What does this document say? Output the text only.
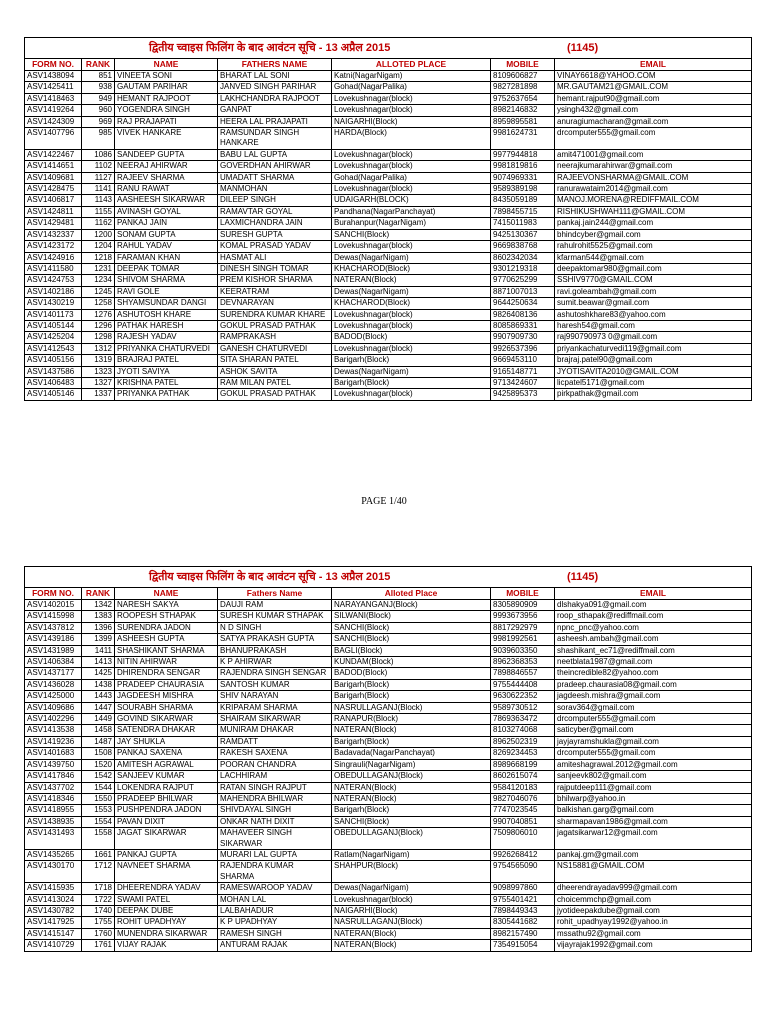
द्वितीय च्वाइस फिलिंग के बाद आवंटन सूचि - 13 अप्रैल 2015 (1145)						

FORM NO.	RANK	NAME	FATHERS NAME	ALLOTED PLACE	MOBILE	EMAIL
ASV1438094	851	VINEETA SONI	BHARAT LAL SONI	Katni(NagarNigam)	8109606827	VINAY6618@YAHOO.COM
ASV1425411	938	GAUTAM PARIHAR	JANVED SINGH PARIHAR	Gohad(NagarPalika)	9827281898	MR.GAUTAM21@GMAIL.COM
ASV1418463	949	HEMANT RAJPOOT	LAKHCHANDRA RAJPOOT	Lovekushnagar(block)	9752637654	hemant.rajput90@gmail.com
ASV1419264	960	YOGENDRA SINGH	GANPAT	Lovekushnagar(block)	8982146832	ysingh432@gmail.com
ASV1424309	969	RAJ PRAJAPATI	HEERA LAL PRAJAPATI	NAIGARHI(Block)	8959895581	anuragiumacharan@gmail.com
ASV1407796	985	VIVEK HANKARE	RAMSUNDAR SINGH HANKARE	HARDA(Block)	9981624731	drcomputer555@gmail.com
ASV1422467	1086	SANDEEP GUPTA	BABU LAL GUPTA	Lovekushnagar(block)	9977944818	amit471001@gmail.com
ASV1414651	1102	NEERAJ AHIRWAR	GOVERDHAN AHIRWAR	Lovekushnagar(block)	9981819816	neerajkumarahirwar@gmail.com
ASV1409681	1127	RAJEEV SHARMA	UMADATT SHARMA	Gohad(NagarPalika)	9074969331	RAJEEVONSHARMA@GMAIL.COM
ASV1428475	1141	RANU RAWAT	MANMOHAN	Lovekushnagar(block)	9589389198	ranurawataim2014@gmail.com
ASV1406817	1143	AASHEESH SIKARWAR	DILEEP SINGH	UDAIGARH(BLOCK)	8435059189	MANOJ.MORENA@REDIFFMAIL.COM
ASV1424811	1155	AVINASH GOYAL	RAMAVTAR GOYAL	Pandhana(NagarPanchayat)	7898455715	RISHIKUSHWAH111@GMAIL.COM
ASV1429481	1162	PANKAJ JAIN	LAXMICHANDRA JAIN	Burahanpur(NagarNigam)	7415011983	pankaj.jain244@gmail.com
ASV1432337	1200	SONAM GUPTA	SURESH GUPTA	SANCHI(Block)	9425130367	bhindcyber@gmail.com
ASV1423172	1204	RAHUL YADAV	KOMAL PRASAD YADAV	Lovekushnagar(block)	9669838768	rahulrohit5525@gmail.com
ASV1424916	1218	FARAMAN KHAN	HASMAT ALI	Dewas(NagarNigam)	8602342034	kfarman544@gmail.com
ASV1411580	1231	DEEPAK TOMAR	DINESH SINGH TOMAR	KHACHAROD(Block)	9301219318	deepaktomar980@gmail.com
ASV1424753	1234	SHIVOM SHARMA	PREM KISHOR SHARMA	NATERAN(Block)	9770625299	SSHIV9770@GMAIL.COM
ASV1402186	1245	RAVI GOLE	KEERATRAM	Dewas(NagarNigam)	8871007013	ravi.goleambah@gmail.com
ASV1430219	1258	SHYAMSUNDAR DANGI	DEVNARAYAN	KHACHAROD(Block)	9644250634	sumit.beawar@gmail.com
ASV1401173	1276	ASHUTOSH KHARE	SURENDRA KUMAR KHARE	Lovekushnagar(block)	9826408136	ashutoshkhare83@yahoo.com
ASV1405144	1296	PATHAK HARESH	GOKUL PRASAD PATHAK	Lovekushnagar(block)	8085869331	haresh54@gmail.com
ASV1425204	1298	RAJESH YADAV	RAMPRAKASH	BADOD(Block)	9907909730	raj990790973 0@gmail.com
ASV1412543	1312	PRIYANKA CHATURVEDI	GANESH CHATURVEDI	Lovekushnagar(block)	9926537396	priyankachaturvedi119@gmail.com
ASV1405156	1319	BRAJRAJ PATEL	SITA SHARAN PATEL	Barigarh(Block)	9669453110	brajraj.patel90@gmail.com
ASV1437586	1323	JYOTI SAVIYA	ASHOK SAVITA	Dewas(NagarNigam)	9165148771	JYOTISAVITA2010@GMAIL.COM
ASV1406483	1327	KRISHNA PATEL	RAM MILAN PATEL	Barigarh(Block)	9713424607	licpatel5171@gmail.com
ASV1405146	1337	PRIYANKA PATHAK	GOKUL PRASAD PATHAK	Lovekushnagar(block)	9425895373	pirkpathak@gmail.com
PAGE 1/40
द्वितीय च्वाइस फिलिंग के बाद आवंटन सूचि - 13 अप्रैल 2015 (1145)						

FORM NO.	RANK	NAME	Fathers Name	Alloted Place	MOBILE	EMAIL
ASV1402015	1342	NARESH SAKYA	DAUJI RAM	NARAYANGANJ(Block)	8305890909	dlshakya091@gmail.com
ASV1415998	1383	ROOPESH STHAPAK	SURESH KUMAR STHAPAK	SILWANI(Block)	9993673956	roop_sthapak@rediffmail.com
ASV1437812	1396	SURENDRA JADON	N D SINGH	SANCHI(Block)	8817292979	npnc_pnc@yahoo.com
ASV1439186	1399	ASHEESH GUPTA	SATYA PRAKASH GUPTA	SANCHI(Block)	9981992561	asheesh.ambah@gmail.com
ASV1431989	1411	SHASHIKANT SHARMA	BHANUPRAKASH	BAGLI(Block)	9039603350	shashikant_ec71@rediffmail.com
ASV1406384	1413	NITIN AHIRWAR	K P AHIRWAR	KUNDAM(Block)	8962368353	neetblata1987@gmail.com
ASV1437177	1425	DHIRENDRA SENGAR	RAJENDRA SINGH SENGAR	BADOD(Block)	7898846557	theincredible82@yahoo.com
ASV1436028	1438	PRADEEP CHAURASIA	SANTOSH KUMAR	Barigarh(Block)	9755444408	pradeep.chaurasia08@gmail.com
ASV1425000	1443	JAGDEESH MISHRA	SHIV NARAYAN	Barigarh(Block)	9630622352	jagdeesh.mishra@gmail.com
ASV1409686	1447	SOURABH SHARMA	KRIPARAM SHARMA	NASRULLAGANJ(Block)	9589730512	sorav364@gmail.com
ASV1402296	1449	GOVIND SIKARWAR	SHAIRAM SIKARWAR	RANAPUR(Block)	7869363472	drcomputer555@gmail.com
ASV1413538	1458	SATENDRA DHAKAR	MUNIRAM DHAKAR	NATERAN(Block)	8103274068	saticyber@gmail.com
ASV1419236	1487	JAY SHUKLA	RAMDATT	Barigarh(Block)	8962502319	jayjayramshukla@gmail.com
ASV1401683	1508	PANKAJ SAXENA	RAKESH SAXENA	Badavada(NagarPanchayat)	8269234453	drcomputer555@gmail.com
ASV1439750	1520	AMITESH AGRAWAL	POORAN CHANDRA	Singrauli(NagarNigam)	8989668199	amiteshagrawal.2012@gmail.com
ASV1417846	1542	SANJEEV KUMAR	LACHHIRAM	OBEDULLAGANJ(Block)	8602615074	sanjeevk802@gmail.com
ASV1437702	1544	LOKENDRA RAJPUT	RATAN SINGH RAJPUT	NATERAN(Block)	9584120183	rajputdeep111@gmail.com
ASV1418346	1550	PRADEEP BHILWAR	MAHENDRA BHILWAR	NATERAN(Block)	9827046076	bhilwarp@yahoo.in
ASV1418955	1553	PUSHPENDRA JADON	SHIVDAYAL SINGH	Barigarh(Block)	7747023545	balkishan.garg@gmail.com
ASV1438935	1554	PAVAN DIXIT	ONKAR NATH DIXIT	SANCHI(Block)	9907040851	sharmapavan1986@gmail.com
ASV1431493	1558	JAGAT SIKARWAR	MAHAVEER SINGH SIKARWAR	OBEDULLAGANJ(Block)	7509806010	jagatsikarwar12@gmail.com
ASV1435265	1661	PANKAJ GUPTA	MURARI LAL GUPTA	Ratlam(NagarNigam)	9926268412	pankaj.gm@gmail.com
ASV1430170	1712	NAVNEET SHARMA	RAJENDRA KUMAR SHARMA	SHAHPUR(Block)	9754565090	NS15881@GMAIL.COM
ASV1415935	1718	DHEERENDRA YADAV	RAMESWAROOP YADAV	Dewas(NagarNigam)	9098997860	dheerendrayadav999@gmail.com
ASV1413024	1722	SWAMI PATEL	MOHAN LAL	Lovekushnagar(block)	9755401421	choicemmchp@gmail.com
ASV1430782	1740	DEEPAK DUBE	LALBAHADUR	NAIGARHI(Block)	7898449343	jyotideepakdube@gmail.com
ASV1417925	1755	ROHIT UPADHYAY	K P UPADHYAY	NASRULLAGANJ(Block)	8305441682	rohit_upadhyay1992@yahoo.in
ASV1415147	1760	MUNENDRA SIKARWAR	RAMESH SINGH	NATERAN(Block)	8982157490	mssathu92@gmail.com
ASV1410729	1761	VIJAY RAJAK	ANTURAM RAJAK	NATERAN(Block)	7354915054	vijayrajak1992@gmail.com
